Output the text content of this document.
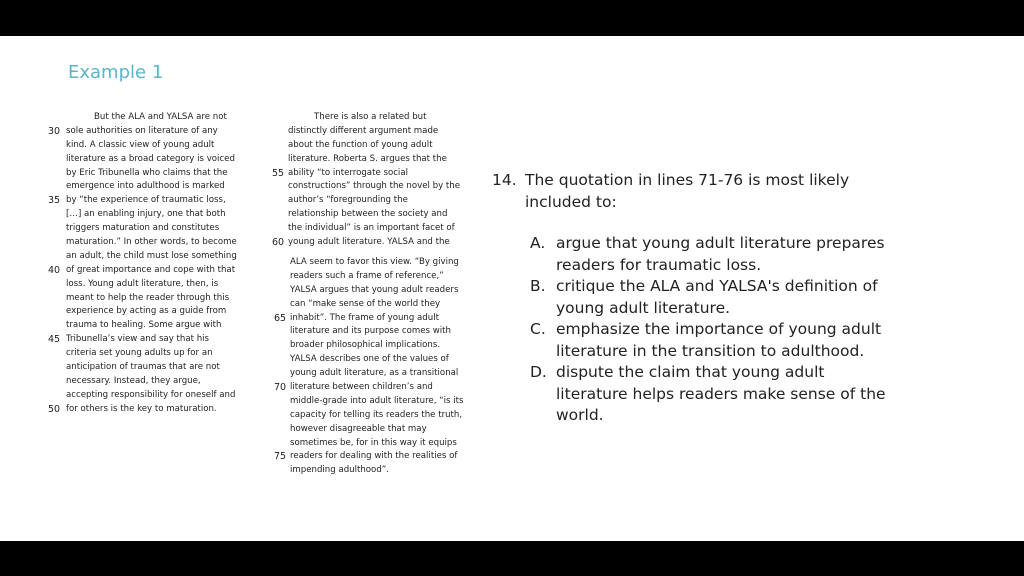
Example 1
But the ALA and YALSA are not
30 sole authorities on literature of any
kind. A classic view of young adult
literature as a broad category is voiced
by Eric Tribunella who claims that the
emergence into adulthood is marked
35 by “the experience of traumatic loss,
[…] an enabling injury, one that both
triggers maturation and constitutes
maturation.” In other words, to become
an adult, the child must lose something
40 of great importance and cope with that
loss. Young adult literature, then, is
meant to help the reader through this
experience by acting as a guide from
trauma to healing. Some argue with
45 Tribunella’s view and say that his
criteria set young adults up for an
anticipation of traumas that are not
necessary. Instead, they argue,
accepting responsibility for oneself and
50 for others is the key to maturation.
There is also a related but
distinctly different argument made
about the function of young adult
literature. Roberta S. argues that the
55 ability “to interrogate social
constructions” through the novel by the
author’s “foregrounding the
relationship between the society and
the individual” is an important facet of
60 young adult literature. YALSA and the
ALA seem to favor this view. “By giving
readers such a frame of reference,”
YALSA argues that young adult readers
can “make sense of the world they
65 inhabit”. The frame of young adult
literature and its purpose comes with
broader philosophical implications.
YALSA describes one of the values of
young adult literature, as a transitional
70 literature between children’s and
middle-grade into adult literature, “is its
capacity for telling its readers the truth,
however disagreeable that may
sometimes be, for in this way it equips
75 readers for dealing with the realities of
impending adulthood”.
14. The quotation in lines 71-76 is most likely included to:
A. argue that young adult literature prepares readers for traumatic loss.
B. critique the ALA and YALSA's definition of young adult literature.
C. emphasize the importance of young adult literature in the transition to adulthood.
D. dispute the claim that young adult literature helps readers make sense of the world.
